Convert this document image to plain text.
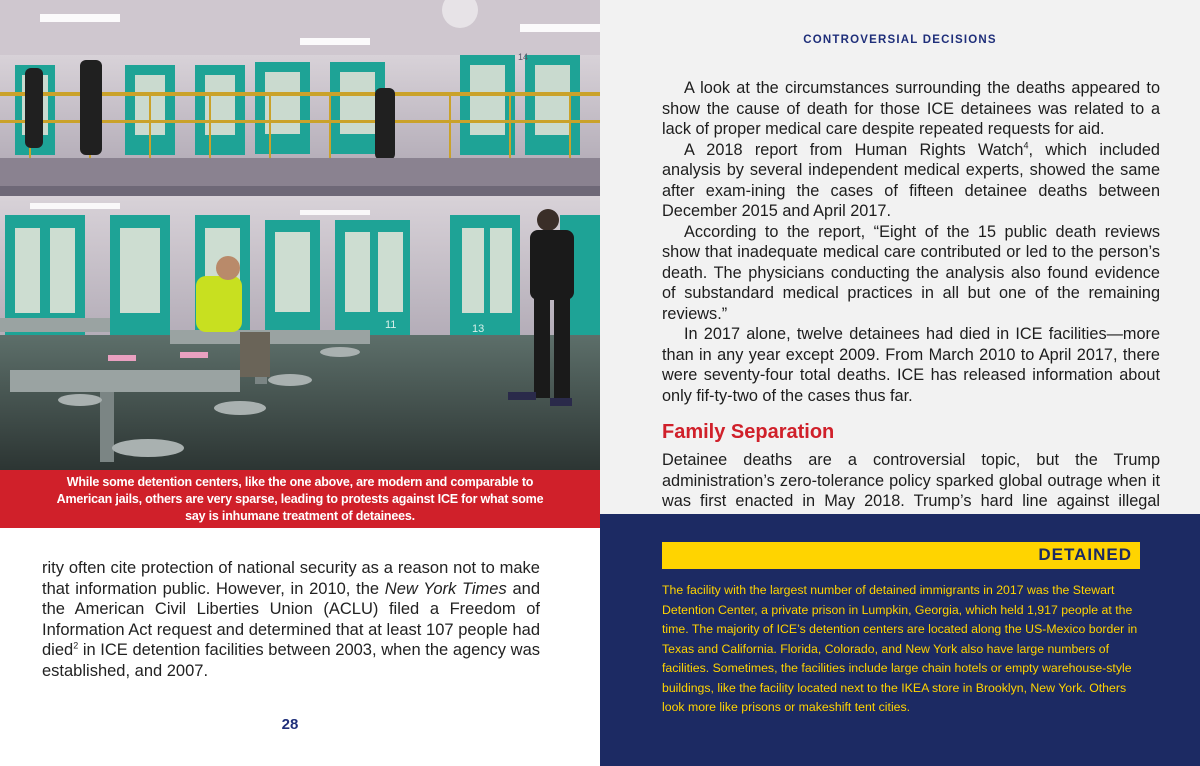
11	13
14

While some detention centers, like the one above, are modern and comparable to American jails, others are very sparse, leading to protests against ICE for what some say is inhumane treatment of detainees.

rity often cite protection of national security as a reason not to make that information public. However, in 2010, the New York Times and the American Civil Liberties Union (ACLU) filed a Freedom of Information Act request and determined that at least 107 people had died$^2$ in ICE detention facilities between 2003, when the agency was established, and 2007.

28
CONTROVERSIAL DECISIONS

A look at the circumstances surrounding the deaths appeared to show the cause of death for those ICE detainees was related to a lack of proper medical care despite repeated requests for aid.

A 2018 report from Human Rights Watch$^4$, which included analysis by several independent medical experts, showed the same after exam-ining the cases of fifteen detainee deaths between December 2015 and April 2017.

According to the report, “Eight of the 15 public death reviews show that inadequate medical care contributed or led to the person’s death. The physicians conducting the analysis also found evidence of substandard medical practices in all but one of the remaining reviews.”

In 2017 alone, twelve detainees had died in ICE facilities—more than in any year except 2009. From March 2010 to April 2017, there were seventy-four total deaths. ICE has released information about only fif-ty-two of the cases thus far.

Family Separation

Detainee deaths are a controversial topic, but the Trump administration’s zero-tolerance policy sparked global outrage when it was first enacted in May 2018. Trump’s hard line against illegal

DETAINED
The facility with the largest number of detained immigrants in 2017 was the Stewart Detention Center, a private prison in Lumpkin, Georgia, which held 1,917 people at the time. The majority of ICE’s detention centers are located along the US-Mexico border in Texas and California. Florida, Colorado, and New York also have large numbers of facilities. Sometimes, the facilities include large chain hotels or empty warehouse-style buildings, like the facility located next to the IKEA store in Brooklyn, New York. Others look more like prisons or makeshift tent cities.
